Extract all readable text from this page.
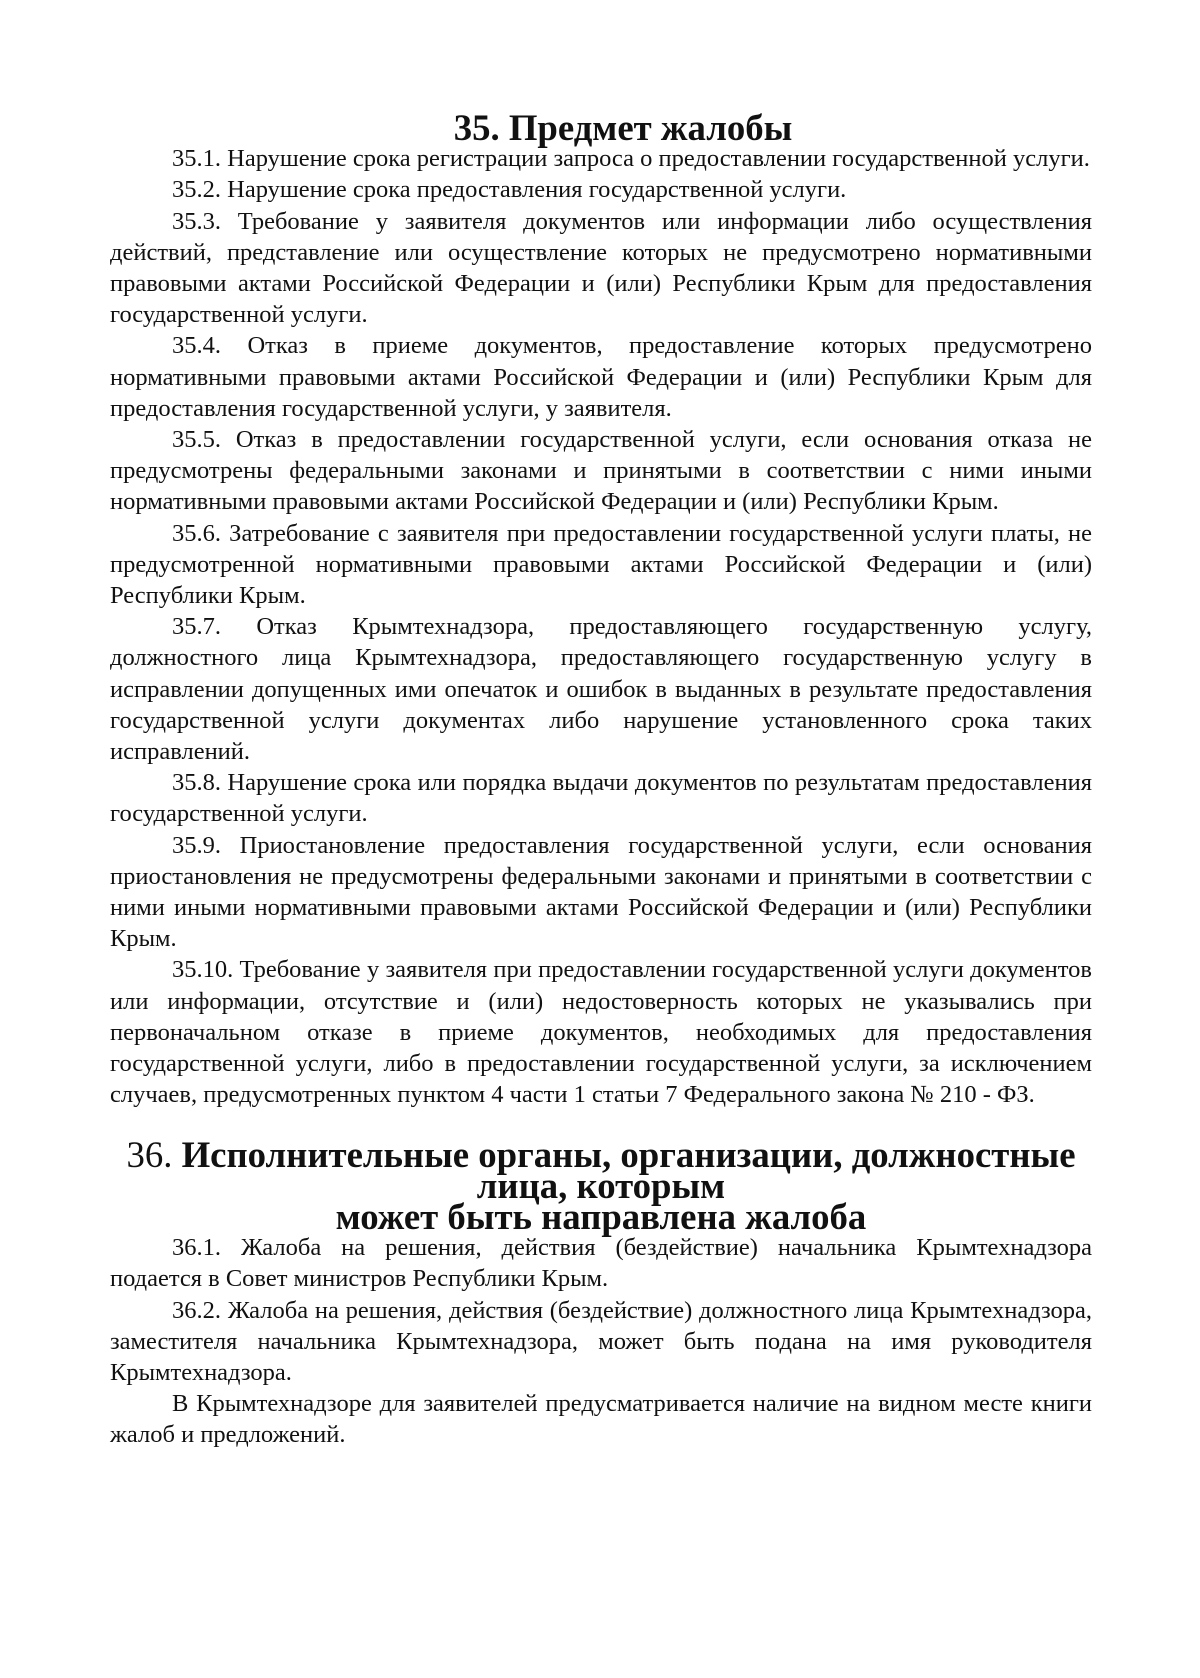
35. Предмет жалобы

35.1. Нарушение срока регистрации запроса о предоставлении государственной услуги.

35.2. Нарушение срока предоставления государственной услуги.

35.3. Требование у заявителя документов или информации либо осуществления действий, представление или осуществление которых не предусмотрено нормативными правовыми актами Российской Федерации и (или) Республики Крым для предоставления государственной услуги.

35.4. Отказ в приеме документов, предоставление которых предусмотрено нормативными правовыми актами Российской Федерации и (или) Республики Крым для предоставления государственной услуги, у заявителя.

35.5. Отказ в предоставлении государственной услуги, если основания отказа не предусмотрены федеральными законами и принятыми в соответствии с ними иными нормативными правовыми актами Российской Федерации и (или) Республики Крым.

35.6. Затребование с заявителя при предоставлении государственной услуги платы, не предусмотренной нормативными правовыми актами Российской Федерации и (или) Республики Крым.

35.7. Отказ Крымтехнадзора, предоставляющего государственную услугу, должностного лица Крымтехнадзора, предоставляющего государственную услугу в исправлении допущенных ими опечаток и ошибок в выданных в результате предоставления государственной услуги документах либо нарушение установленного срока таких исправлений.

35.8. Нарушение срока или порядка выдачи документов по результатам предоставления государственной услуги.

35.9. Приостановление предоставления государственной услуги, если основания приостановления не предусмотрены федеральными законами и принятыми в соответствии с ними иными нормативными правовыми актами Российской Федерации и (или) Республики Крым.

35.10. Требование у заявителя при предоставлении государственной услуги документов или информации, отсутствие и (или) недостоверность которых не указывались при первоначальном отказе в приеме документов, необходимых для предоставления государственной услуги, либо в предоставлении государственной услуги, за исключением случаев, предусмотренных пунктом 4 части 1 статьи 7 Федерального закона № 210 - ФЗ.

36. Исполнительные органы, организации, должностные лица, которым
может быть направлена жалоба

36.1. Жалоба на решения, действия (бездействие) начальника Крымтехнадзора подается в Совет министров Республики Крым.

36.2. Жалоба на решения, действия (бездействие) должностного лица Крымтехнадзора, заместителя начальника Крымтехнадзора, может быть подана на имя руководителя Крымтехнадзора.

В Крымтехнадзоре для заявителей предусматривается наличие на видном месте книги жалоб и предложений.
